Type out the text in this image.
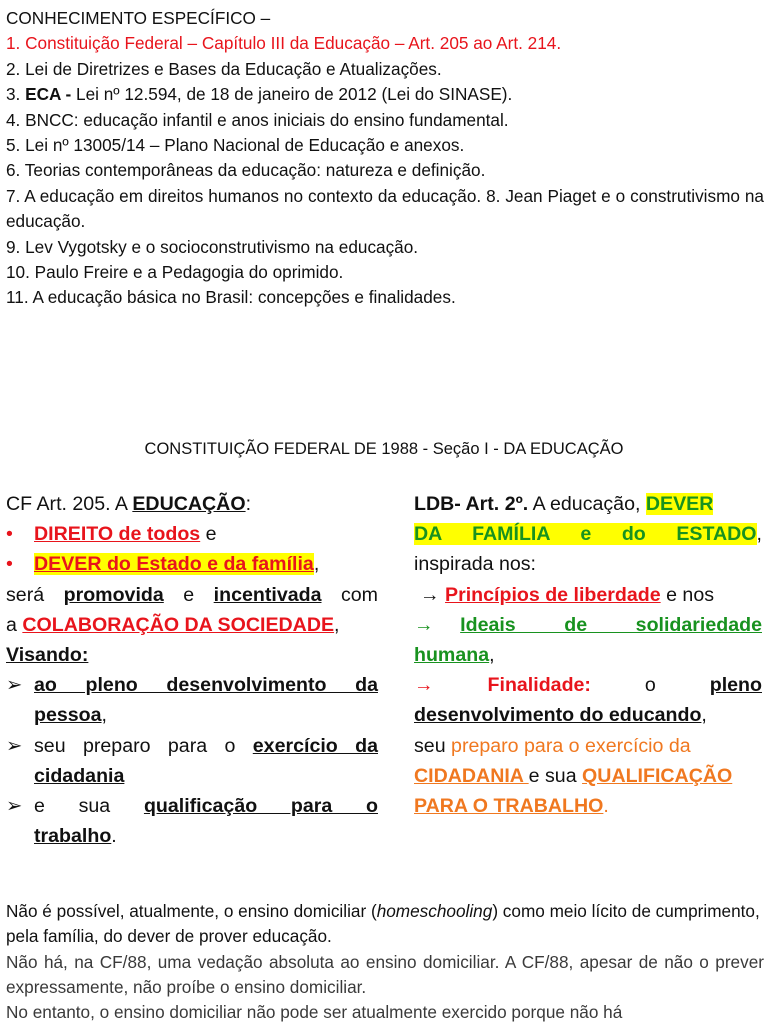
CONHECIMENTO ESPECÍFICO –
1. Constituição Federal – Capítulo III da Educação – Art. 205 ao Art. 214.
2. Lei de Diretrizes e Bases da Educação e Atualizações.
3. ECA - Lei nº 12.594, de 18 de janeiro de 2012 (Lei do SINASE).
4. BNCC: educação infantil e anos iniciais do ensino fundamental.
5. Lei nº 13005/14 – Plano Nacional de Educação e anexos.
6. Teorias contemporâneas da educação: natureza e definição.
7. A educação em direitos humanos no contexto da educação. 8. Jean Piaget e o construtivismo na educação.
9. Lev Vygotsky e o socioconstrutivismo na educação.
10. Paulo Freire e a Pedagogia do oprimido.
11. A educação básica no Brasil: concepções e finalidades.
CONSTITUIÇÃO FEDERAL DE 1988 - Seção I - DA EDUCAÇÃO
CF Art. 205. A EDUCAÇÃO:
• DIREITO de todos e
• DEVER do Estado e da família,
será promovida e incentivada com
a COLABORAÇÃO DA SOCIEDADE,
Visando:
➢ ao pleno desenvolvimento da
pessoa,
➢ seu preparo para o exercício da
cidadania
➢ e sua qualificação para o
trabalho.
LDB- Art. 2º. A educação, DEVER
DA FAMÍLIA e do ESTADO,
inspirada nos:
→ Princípios de liberdade e nos
→ Ideais de solidariedade
humana,
→	Finalidade:	o	pleno
desenvolvimento do educando,
seu preparo para o exercício da
CIDADANIA e sua QUALIFICAÇÃO
PARA O TRABALHO.
Não é possível, atualmente, o ensino domiciliar (homeschooling) como meio lícito de cumprimento, pela família, do dever de prover educação.
Não há, na CF/88, uma vedação absoluta ao ensino domiciliar. A CF/88, apesar de não o prever expressamente, não proíbe o ensino domiciliar.
No entanto, o ensino domiciliar não pode ser atualmente exercido porque não há
